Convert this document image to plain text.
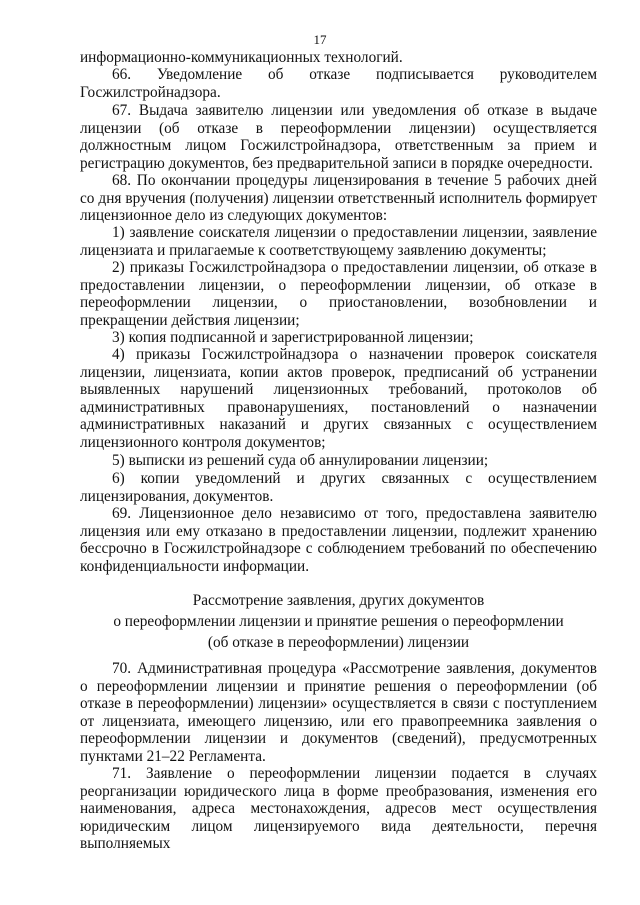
17

информационно-коммуникационных технологий.

66. Уведомление об отказе подписывается руководителем Госжилстройнадзора.

67. Выдача заявителю лицензии или уведомления об отказе в выдаче лицензии (об отказе в переоформлении лицензии) осуществляется должностным лицом Госжилстройнадзора, ответственным за прием и регистрацию документов, без предварительной записи в порядке очередности.

68. По окончании процедуры лицензирования в течение 5 рабочих дней со дня вручения (получения) лицензии ответственный исполнитель формирует лицензионное дело из следующих документов:

1) заявление соискателя лицензии о предоставлении лицензии, заявление лицензиата и прилагаемые к соответствующему заявлению документы;

2) приказы Госжилстройнадзора о предоставлении лицензии, об отказе в предоставлении лицензии, о переоформлении лицензии, об отказе в переоформлении лицензии, о приостановлении, возобновлении и прекращении действия лицензии;

3) копия подписанной и зарегистрированной лицензии;

4) приказы Госжилстройнадзора о назначении проверок соискателя лицензии, лицензиата, копии актов проверок, предписаний об устранении выявленных нарушений лицензионных требований, протоколов об административных правонарушениях, постановлений о назначении административных наказаний и других связанных с осуществлением лицензионного контроля документов;

5) выписки из решений суда об аннулировании лицензии;

6) копии уведомлений и других связанных с осуществлением лицензирования, документов.

69. Лицензионное дело независимо от того, предоставлена заявителю лицензия или ему отказано в предоставлении лицензии, подлежит хранению бессрочно в Госжилстройнадзоре с соблюдением требований по обеспечению конфиденциальности информации.

Рассмотрение заявления, других документов
о переоформлении лицензии и принятие решения о переоформлении
(об отказе в переоформлении) лицензии

70. Административная процедура «Рассмотрение заявления, документов о переоформлении лицензии и принятие решения о переоформлении (об отказе в переоформлении) лицензии» осуществляется в связи с поступлением от лицензиата, имеющего лицензию, или его правопреемника заявления о переоформлении лицензии и документов (сведений), предусмотренных пунктами 21–22 Регламента.

71. Заявление о переоформлении лицензии подается в случаях реорганизации юридического лица в форме преобразования, изменения его наименования, адреса местонахождения, адресов мест осуществления юридическим лицом лицензируемого вида деятельности, перечня выполняемых
